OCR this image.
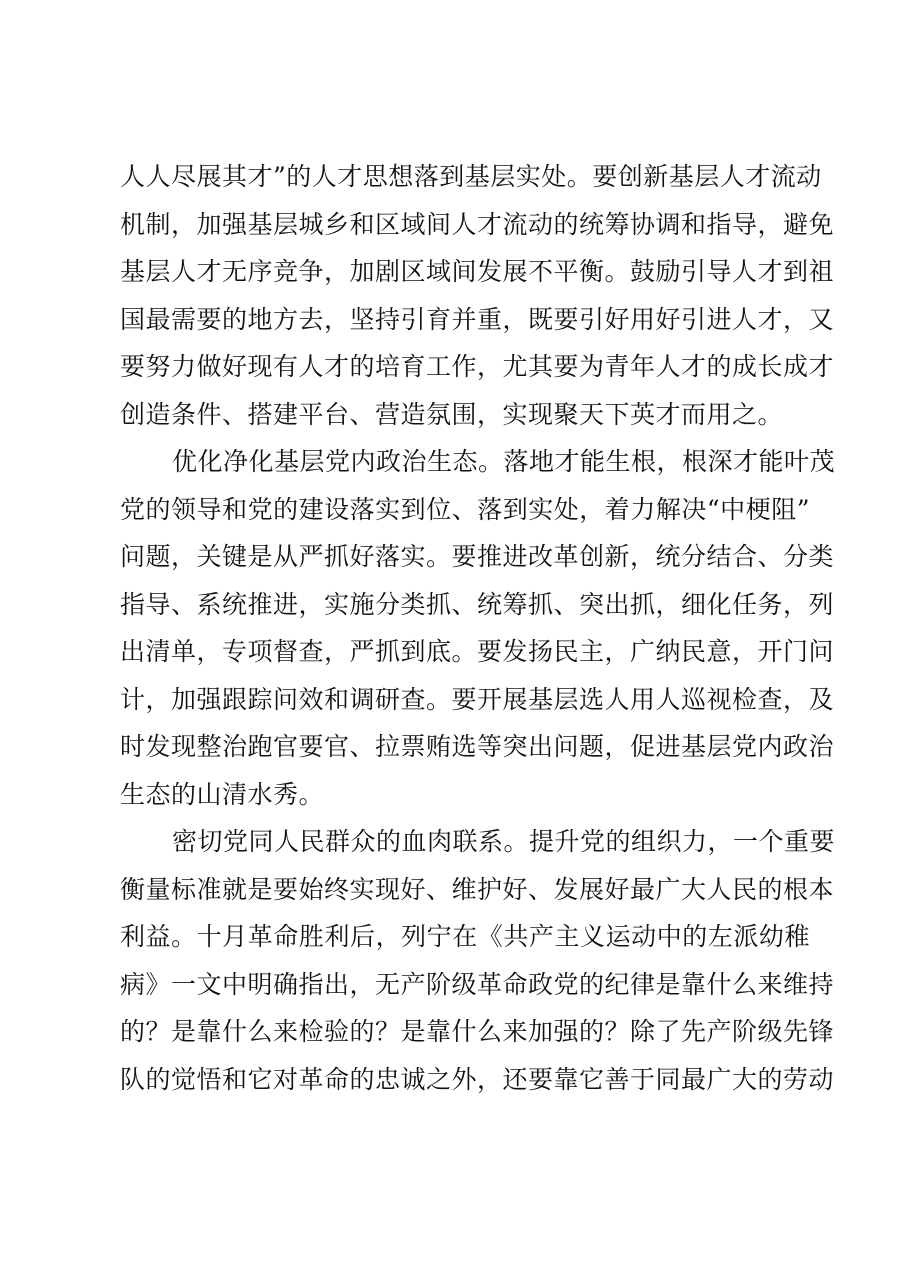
人人尽展其才”的人才思想落到基层实处。要创新基层人才流动
机制，加强基层城乡和区域间人才流动的统筹协调和指导，避免
基层人才无序竞争，加剧区域间发展不平衡。鼓励引导人才到祖
国最需要的地方去，坚持引育并重，既要引好用好引进人才，又
要努力做好现有人才的培育工作，尤其要为青年人才的成长成才
创造条件、搭建平台、营造氛围，实现聚天下英才而用之。
优化净化基层党内政治生态。落地才能生根，根深才能叶茂
党的领导和党的建设落实到位、落到实处，着力解决“中梗阻”
问题，关键是从严抓好落实。要推进改革创新，统分结合、分类
指导、系统推进，实施分类抓、统筹抓、突出抓，细化任务，列
出清单，专项督查，严抓到底。要发扬民主，广纳民意，开门问
计，加强跟踪问效和调研查。要开展基层选人用人巡视检查，及
时发现整治跑官要官、拉票贿选等突出问题，促进基层党内政治
生态的山清水秀。
密切党同人民群众的血肉联系。提升党的组织力，一个重要
衡量标准就是要始终实现好、维护好、发展好最广大人民的根本
利益。十月革命胜利后，列宁在《共产主义运动中的左派幼稚
病》一文中明确指出，无产阶级革命政党的纪律是靠什么来维持
的？是靠什么来检验的？是靠什么来加强的？除了先产阶级先锋
队的觉悟和它对革命的忠诚之外，还要靠它善于同最广大的劳动
